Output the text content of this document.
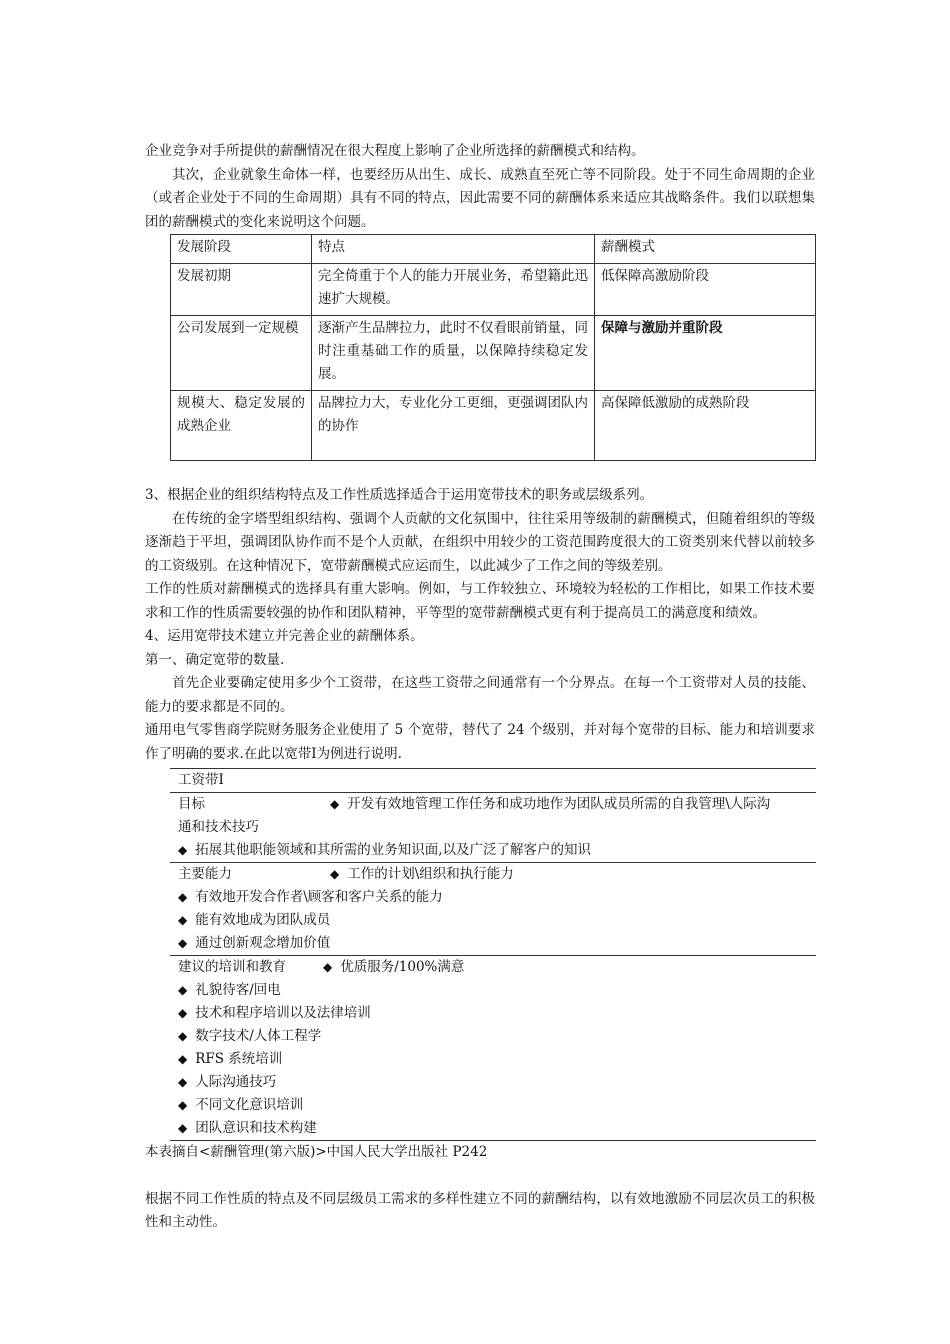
企业竞争对手所提供的薪酬情况在很大程度上影响了企业所选择的薪酬模式和结构。

其次，企业就象生命体一样，也要经历从出生、成长、成熟直至死亡等不同阶段。处于不同生命周期的企业（或者企业处于不同的生命周期）具有不同的特点，因此需要不同的薪酬体系来适应其战略条件。我们以联想集团的薪酬模式的变化来说明这个问题。

发展阶段	特点	薪酬模式
发展初期	完全倚重于个人的能力开展业务，希望籍此迅速扩大规模。	低保障高激励阶段
公司发展到一定规模	逐渐产生品牌拉力，此时不仅看眼前销量，同时注重基础工作的质量，以保障持续稳定发展。	保障与激励并重阶段
规模大、稳定发展的成熟企业	品牌拉力大，专业化分工更细，更强调团队内的协作	高保障低激励的成熟阶段

3、根据企业的组织结构特点及工作性质选择适合于运用宽带技术的职务或层级系列。

在传统的金字塔型组织结构、强调个人贡献的文化氛围中，往往采用等级制的薪酬模式，但随着组织的等级逐渐趋于平坦，强调团队协作而不是个人贡献，在组织中用较少的工资范围跨度很大的工资类别来代替以前较多的工资级别。在这种情况下，宽带薪酬模式应运而生，以此减少了工作之间的等级差别。

工作的性质对薪酬模式的选择具有重大影响。例如，与工作较独立、环境较为轻松的工作相比，如果工作技术要求和工作的性质需要较强的协作和团队精神，平等型的宽带薪酬模式更有利于提高员工的满意度和绩效。

4、运用宽带技术建立并完善企业的薪酬体系。

第一、确定宽带的数量.

首先企业要确定使用多少个工资带，在这些工资带之间通常有一个分界点。在每一个工资带对人员的技能、能力的要求都是不同的。

通用电气零售商学院财务服务企业使用了 5 个宽带，替代了 24 个级别，并对每个宽带的目标、能力和培训要求作了明确的要求.在此以宽带Ⅰ为例进行说明.

工资带Ⅰ
目标	◆ 开发有效地管理工作任务和成功地作为团队成员所需的自我管理\人际沟
通和技术技巧
◆ 拓展其他职能领域和其所需的业务知识面,以及广泛了解客户的知识
主要能力	◆ 工作的计划\组织和执行能力
◆ 有效地开发合作者\顾客和客户关系的能力
◆ 能有效地成为团队成员
◆ 通过创新观念增加价值
建议的培训和教育	◆ 优质服务/100%满意
◆ 礼貌待客/回电
◆ 技术和程序培训以及法律培训
◆ 数字技术/人体工程学
◆ RFS 系统培训
◆ 人际沟通技巧
◆ 不同文化意识培训
◆ 团队意识和技术构建

本表摘自<薪酬管理(第六版)>中国人民大学出版社 P242

根据不同工作性质的特点及不同层级员工需求的多样性建立不同的薪酬结构，以有效地激励不同层次员工的积极性和主动性。
